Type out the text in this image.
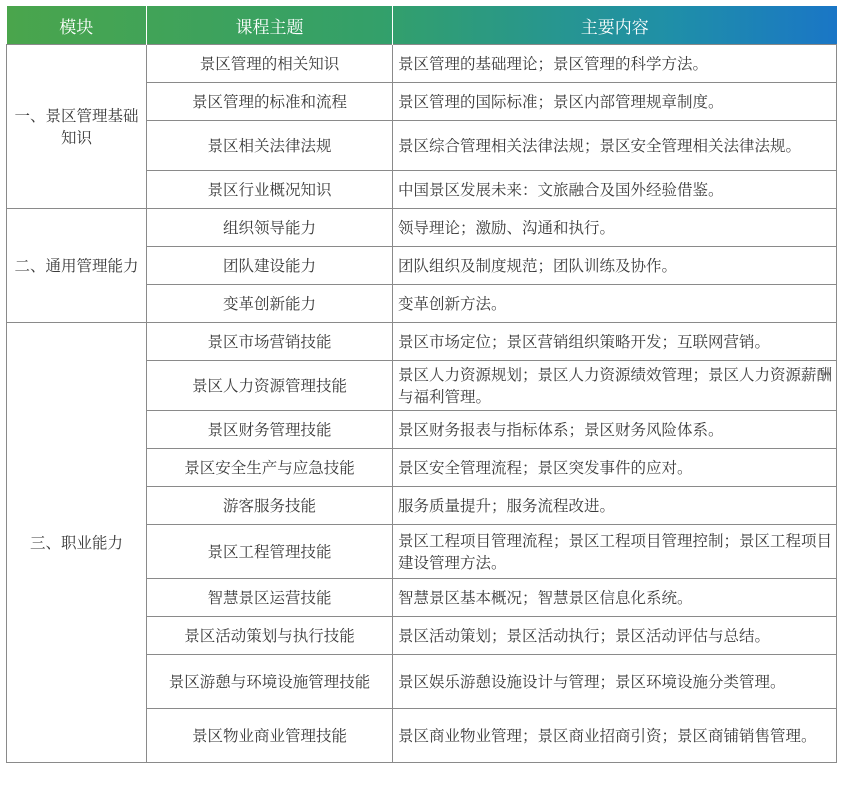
模块	课程主题	主要内容
一、景区管理基础知识	景区管理的相关知识	景区管理的基础理论；景区管理的科学方法。
	景区管理的标准和流程	景区管理的国际标准；景区内部管理规章制度。
	景区相关法律法规	景区综合管理相关法律法规；景区安全管理相关法律法规。
	景区行业概况知识	中国景区发展未来：文旅融合及国外经验借鉴。
二、通用管理能力	组织领导能力	领导理论；激励、沟通和执行。
	团队建设能力	团队组织及制度规范；团队训练及协作。
	变革创新能力	变革创新方法。
三、职业能力	景区市场营销技能	景区市场定位；景区营销组织策略开发；互联网营销。
	景区人力资源管理技能	景区人力资源规划；景区人力资源绩效管理；景区人力资源薪酬与福利管理。
	景区财务管理技能	景区财务报表与指标体系；景区财务风险体系。
	景区安全生产与应急技能	景区安全管理流程；景区突发事件的应对。
	游客服务技能	服务质量提升；服务流程改进。
	景区工程管理技能	景区工程项目管理流程；景区工程项目管理控制；景区工程项目建设管理方法。
	智慧景区运营技能	智慧景区基本概况；智慧景区信息化系统。
	景区活动策划与执行技能	景区活动策划；景区活动执行；景区活动评估与总结。
	景区游憩与环境设施管理技能	景区娱乐游憩设施设计与管理；景区环境设施分类管理。
	景区物业商业管理技能	景区商业物业管理；景区商业招商引资；景区商铺销售管理。
